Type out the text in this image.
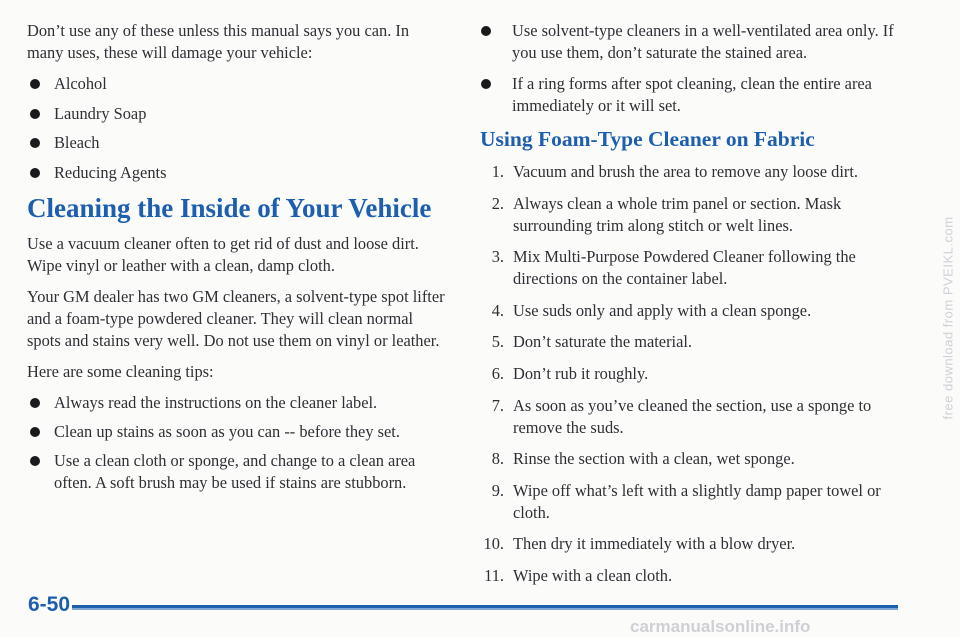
Don’t use any of these unless this manual says you can. In many uses, these will damage your vehicle:

Alcohol
Laundry Soap
Bleach
Reducing Agents
Cleaning the Inside of Your Vehicle

Use a vacuum cleaner often to get rid of dust and loose dirt. Wipe vinyl or leather with a clean, damp cloth.

Your GM dealer has two GM cleaners, a solvent-type spot lifter and a foam-type powdered cleaner. They will clean normal spots and stains very well. Do not use them on vinyl or leather.

Here are some cleaning tips:

Always read the instructions on the cleaner label.
Clean up stains as soon as you can -- before they set.
Use a clean cloth or sponge, and change to a clean area often. A soft brush may be used if stains are stubborn.
Use solvent-type cleaners in a well-ventilated area only. If you use them, don’t saturate the stained area.
If a ring forms after spot cleaning, clean the entire area immediately or it will set.
Using Foam-Type Cleaner on Fabric
1. Vacuum and brush the area to remove any loose dirt.
2. Always clean a whole trim panel or section. Mask surrounding trim along stitch or welt lines.
3. Mix Multi-Purpose Powdered Cleaner following the directions on the container label.
4. Use suds only and apply with a clean sponge.
5. Don’t saturate the material.
6. Don’t rub it roughly.
7. As soon as you’ve cleaned the section, use a sponge to remove the suds.
8. Rinse the section with a clean, wet sponge.
9. Wipe off what’s left with a slightly damp paper towel or cloth.
10. Then dry it immediately with a blow dryer.
11. Wipe with a clean cloth.
6-50
free download from PVEIKL.com
carmanualsonline.info
